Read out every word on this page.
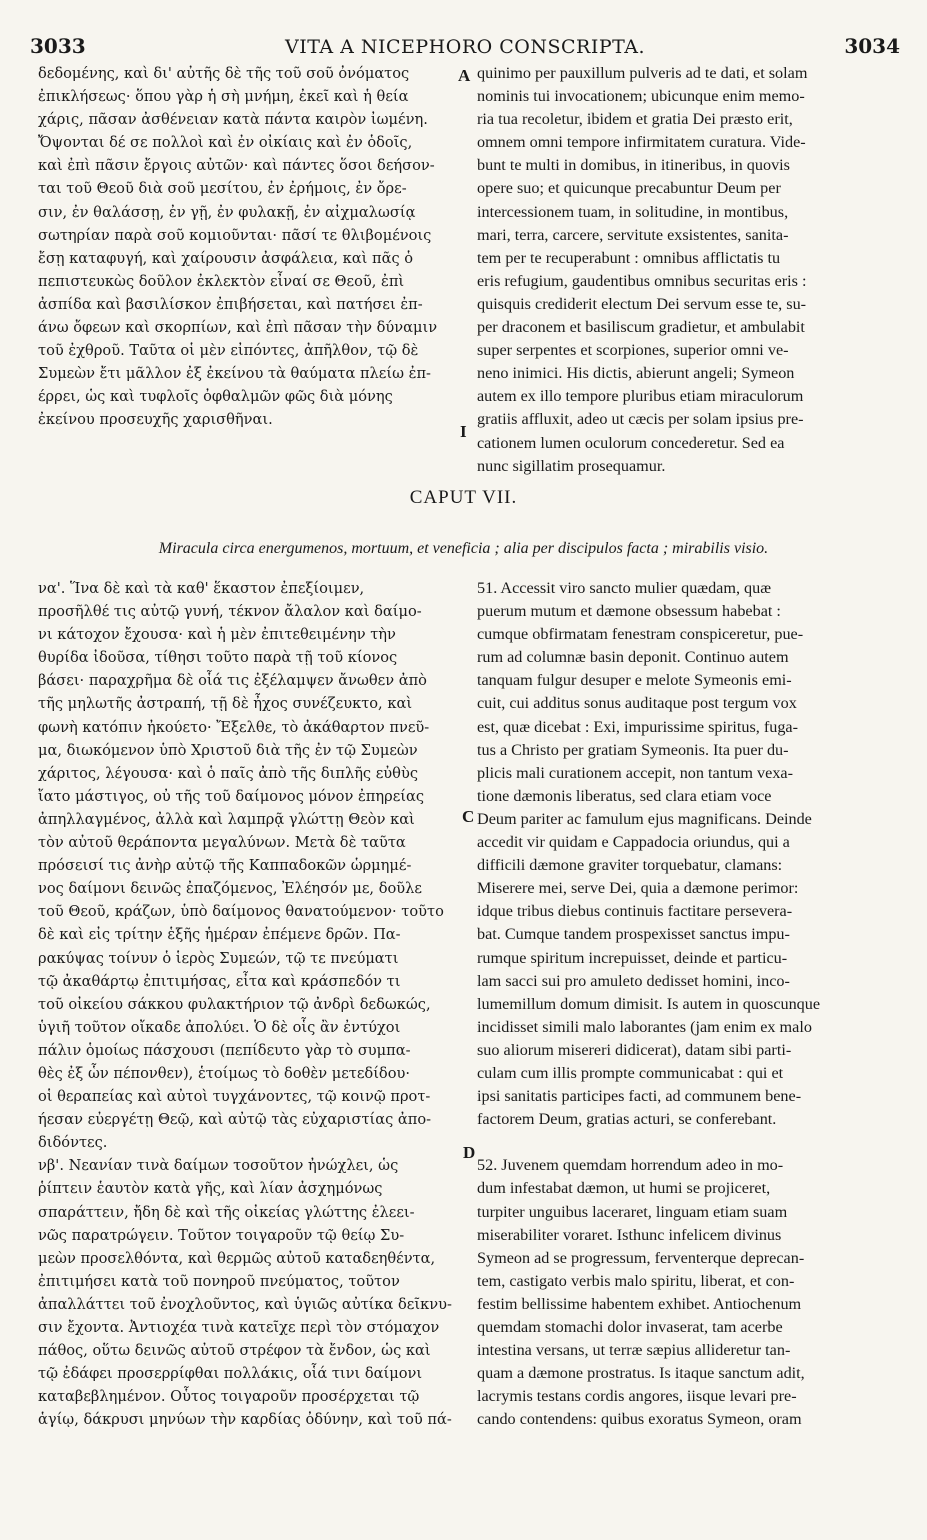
3033	VITA A NICEPHORO CONSCRIPTA.	3034
δεδομένης, καὶ δι' αὐτῆς δὲ τῆς τοῦ σοῦ ὀνόματος
ἐπικλήσεως· ὅπου γὰρ ἡ σὴ μνήμη, ἐκεῖ καὶ ἡ θεία
χάρις, πᾶσαν ἀσθένειαν κατὰ πάντα καιρὸν ἰωμένη.
Ὄψονται δέ σε πολλοὶ καὶ ἐν οἰκίαις καὶ ἐν ὁδοῖς,
καὶ ἐπὶ πᾶσιν ἔργοις αὐτῶν· καὶ πάντες ὅσοι δεήσον-
ται τοῦ Θεοῦ διὰ σοῦ μεσίτου, ἐν ἐρήμοις, ἐν ὄρε-
σιν, ἐν θαλάσσῃ, ἐν γῇ, ἐν φυλακῇ, ἐν αἰχμαλωσίᾳ
σωτηρίαν παρὰ σοῦ κομιοῦνται· πᾶσί τε θλιβομένοις
ἔσῃ καταφυγή, καὶ χαίρουσιν ἀσφάλεια, καὶ πᾶς ὁ
πεπιστευκὼς δοῦλον ἐκλεκτὸν εἶναί σε Θεοῦ, ἐπὶ
ἀσπίδα καὶ βασιλίσκον ἐπιβήσεται, καὶ πατήσει ἐπ-
άνω ὄφεων καὶ σκορπίων, καὶ ἐπὶ πᾶσαν τὴν δύναμιν
τοῦ ἐχθροῦ. Ταῦτα οἱ μὲν εἰπόντες, ἀπῆλθον, τῷ δὲ
Συμεὼν ἔτι μᾶλλον ἐξ ἐκείνου τὰ θαύματα πλείω ἐπ-
έρρει, ὡς καὶ τυφλοῖς ὀφθαλμῶν φῶς διὰ μόνης
ἐκείνου προσευχῆς χαρισθῆναι.
quinimo per pauxillum pulveris ad te dati, et solam
nominis tui invocationem; ubicunque enim memo-
ria tua recoletur, ibidem et gratia Dei præsto erit,
omnem omni tempore infirmitatem curatura. Vide-
bunt te multi in domibus, in itineribus, in quovis
opere suo; et quicunque precabuntur Deum per
intercessionem tuam, in solitudine, in montibus,
mari, terra, carcere, servitute exsistentes, sanita-
tem per te recuperabunt : omnibus afflictatis tu
eris refugium, gaudentibus omnibus securitas eris :
quisquis crediderit electum Dei servum esse te, su-
per draconem et basiliscum gradietur, et ambulabit
super serpentes et scorpiones, superior omni ve-
neno inimici. His dictis, abierunt angeli; Symeon
autem ex illo tempore pluribus etiam miraculorum
gratiis affluxit, adeo ut cæcis per solam ipsius pre-
cationem lumen oculorum concederetur. Sed ea
nunc sigillatim prosequamur.
A
I
CAPUT VII.
Miracula circa energumenos, mortuum, et veneficia ; alia per discipulos facta ; mirabilis visio.
να'. Ἵνα δὲ καὶ τὰ καθ' ἕκαστον ἐπεξίοιμεν,
προσῆλθέ τις αὐτῷ γυνή, τέκνον ἄλαλον καὶ δαίμο-
νι κάτοχον ἔχουσα· καὶ ἡ μὲν ἐπιτεθειμένην τὴν
θυρίδα ἰδοῦσα, τίθησι τοῦτο παρὰ τῇ τοῦ κίονος
βάσει· παραχρῆμα δὲ οἷά τις ἐξέλαμψεν ἄνωθεν ἀπὸ
τῆς μηλωτῆς ἀστραπή, τῇ δὲ ἦχος συνέζευκτο, καὶ
φωνὴ κατόπιν ἠκούετο· Ἔξελθε, τὸ ἀκάθαρτον πνεῦ-
μα, διωκόμενον ὑπὸ Χριστοῦ διὰ τῆς ἐν τῷ Συμεὼν
χάριτος, λέγουσα· καὶ ὁ παῖς ἀπὸ τῆς διπλῆς εὐθὺς
ἴατο μάστιγος, οὐ τῆς τοῦ δαίμονος μόνον ἐπηρείας
ἀπηλλαγμένος, ἀλλὰ καὶ λαμπρᾷ γλώττῃ Θεὸν καὶ
τὸν αὐτοῦ θεράποντα μεγαλύνων. Μετὰ δὲ ταῦτα
πρόσεισί τις ἀνὴρ αὐτῷ τῆς Καππαδοκῶν ὡρμημέ-
νος δαίμονι δεινῶς ἐπαζόμενος, Ἐλέησόν με, δοῦλε
τοῦ Θεοῦ, κράζων, ὑπὸ δαίμονος θανατούμενον· τοῦτο
δὲ καὶ εἰς τρίτην ἑξῆς ἡμέραν ἐπέμενε δρῶν. Πα-
ρακύψας τοίνυν ὁ ἱερὸς Συμεών, τῷ τε πνεύματι
τῷ ἀκαθάρτῳ ἐπιτιμήσας, εἶτα καὶ κράσπεδόν τι
τοῦ οἰκείου σάκκου φυλακτήριον τῷ ἀνδρὶ δεδωκώς,
ὑγιῆ τοῦτον οἴκαδε ἀπολύει. Ὁ δὲ οἷς ἂν ἐντύχοι
πάλιν ὁμοίως πάσχουσι (πεπίδευτο γὰρ τὸ συμπα-
θὲς ἐξ ὧν πέπονθεν), ἑτοίμως τὸ δοθὲν μετεδίδου·
οἱ θεραπείας καὶ αὐτοὶ τυγχάνοντες, τῷ κοινῷ προτ-
ήεσαν εὐεργέτῃ Θεῷ, καὶ αὐτῷ τὰς εὐχαριστίας ἀπο-
διδόντες.
νβ'. Νεανίαν τινὰ δαίμων τοσοῦτον ἠνώχλει, ὡς
ῥίπτειν ἑαυτὸν κατὰ γῆς, καὶ λίαν ἀσχημόνως
σπαράττειν, ἤδη δὲ καὶ τῆς οἰκείας γλώττης ἐλεει-
νῶς παρατρώγειν. Τοῦτον τοιγαροῦν τῷ θείῳ Συ-
μεὼν προσελθόντα, καὶ θερμῶς αὐτοῦ καταδεηθέντα,
ἐπιτιμήσει κατὰ τοῦ πονηροῦ πνεύματος, τοῦτον
ἀπαλλάττει τοῦ ἐνοχλοῦντος, καὶ ὑγιῶς αὐτίκα δεῖκνυ-
σιν ἔχοντα. Ἀντιοχέα τινὰ κατεῖχε περὶ τὸν στόμαχον
πάθος, οὕτω δεινῶς αὐτοῦ στρέφον τὰ ἔνδον, ὡς καὶ
τῷ ἐδάφει προσερρίφθαι πολλάκις, οἷά τινι δαίμονι
καταβεβλημένον. Οὗτος τοιγαροῦν προσέρχεται τῷ
ἁγίῳ, δάκρυσι μηνύων τὴν καρδίας ὀδύνην, καὶ τοῦ πά-
51. Accessit viro sancto mulier quædam, quæ
puerum mutum et dæmone obsessum habebat :
cumque obfirmatam fenestram conspiceretur, pue-
rum ad columnæ basin deponit. Continuo autem
tanquam fulgur desuper e melote Symeonis emi-
cuit, cui additus sonus auditaque post tergum vox
est, quæ dicebat : Exi, impurissime spiritus, fuga-
tus a Christo per gratiam Symeonis. Ita puer du-
plicis mali curationem accepit, non tantum vexa-
tione dæmonis liberatus, sed clara etiam voce
Deum pariter ac famulum ejus magnificans. Deinde
accedit vir quidam e Cappadocia oriundus, qui a
difficili dæmone graviter torquebatur, clamans:
Miserere mei, serve Dei, quia a dæmone perimor:
idque tribus diebus continuis factitare persevera-
bat. Cumque tandem prospexisset sanctus impu-
rumque spiritum increpuisset, deinde et particu-
lam sacci sui pro amuleto dedisset homini, inco-
lumemillum domum dimisit. Is autem in quoscunque
incidisset simili malo laborantes (jam enim ex malo
suo aliorum misereri didicerat), datam sibi parti-
culam cum illis prompte communicabat : qui et
ipsi sanitatis participes facti, ad communem bene-
factorem Deum, gratias acturi, se conferebant.
52. Juvenem quemdam horrendum adeo in mo-
dum infestabat dæmon, ut humi se projiceret,
turpiter unguibus laceraret, linguam etiam suam
miserabiliter voraret. Isthunc infelicem divinus
Symeon ad se progressum, ferventerque deprecan-
tem, castigato verbis malo spiritu, liberat, et con-
festim bellissime habentem exhibet. Antiochenum
quemdam stomachi dolor invaserat, tam acerbe
intestina versans, ut terræ sæpius allideretur tan-
quam a dæmone prostratus. Is itaque sanctum adit,
lacrymis testans cordis angores, iisque levari pre-
cando contendens: quibus exoratus Symeon, oram
C
D
